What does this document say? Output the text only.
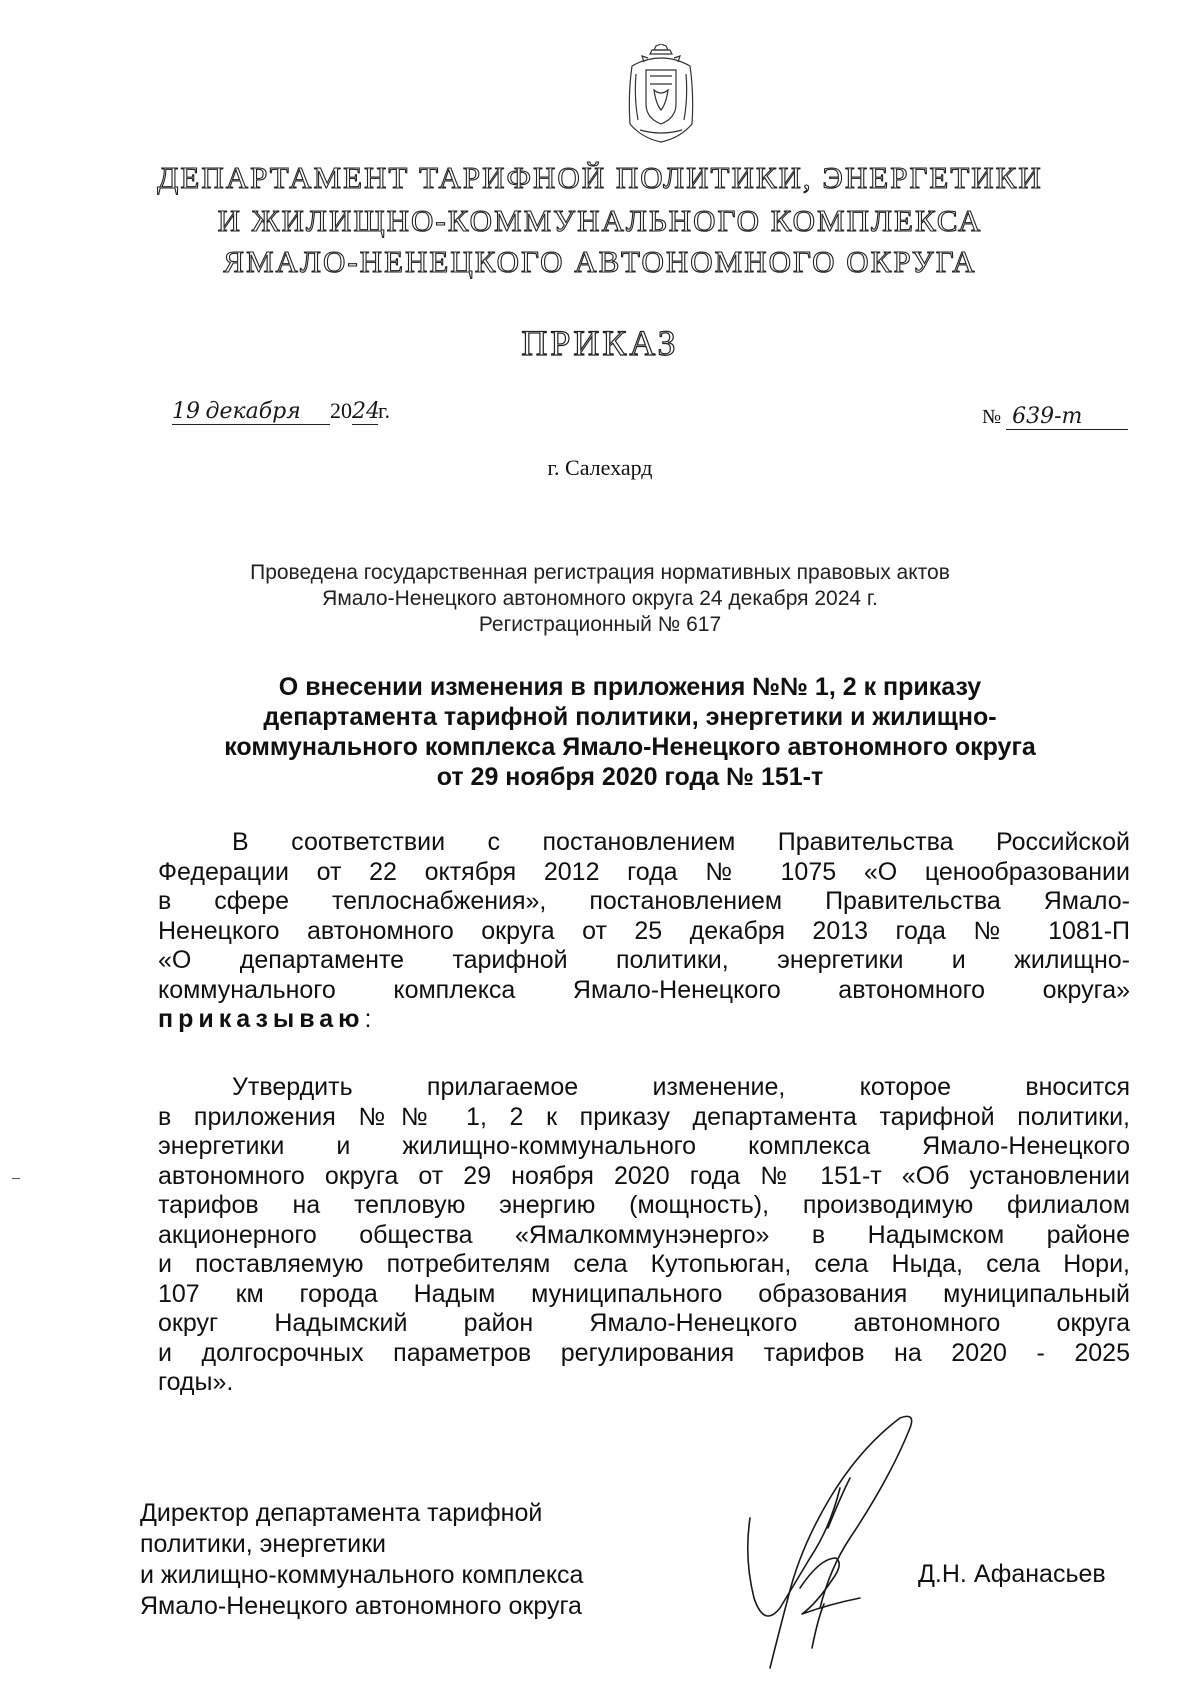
ДЕПАРТАМЕНТ ТАРИФНОЙ ПОЛИТИКИ, ЭНЕРГЕТИКИ
И ЖИЛИЩНО-КОММУНАЛЬНОГО КОМПЛЕКСА
ЯМАЛО-НЕНЕЦКОГО АВТОНОМНОГО ОКРУГА
ПРИКАЗ
19 декабря 2024г.	№ 639-т
г. Салехард
Проведена государственная регистрация нормативных правовых актов
Ямало-Ненецкого автономного округа 24 декабря 2024 г.
Регистрационный № 617
О внесении изменения в приложения №№ 1, 2 к приказу
департамента тарифной политики, энергетики и жилищно-
коммунального комплекса Ямало-Ненецкого автономного округа
от 29 ноября 2020 года № 151-т
В соответствии с постановлением Правительства Российской
Федерации от 22 октября 2012 года № 1075 «О ценообразовании
в сфере теплоснабжения», постановлением Правительства Ямало-
Ненецкого автономного округа от 25 декабря 2013 года № 1081-П
«О департаменте тарифной политики, энергетики и жилищно-
коммунального комплекса Ямало-Ненецкого автономного округа»
приказываю:
Утвердить прилагаемое изменение, которое вносится
в приложения №№ 1, 2 к приказу департамента тарифной политики,
энергетики и жилищно-коммунального комплекса Ямало-Ненецкого
автономного округа от 29 ноября 2020 года № 151-т «Об установлении
тарифов на тепловую энергию (мощность), производимую филиалом
акционерного общества «Ямалкоммунэнерго» в Надымском районе
и поставляемую потребителям села Кутопьюган, села Ныда, села Нори,
107 км города Надым муниципального образования муниципальный
округ Надымский район Ямало-Ненецкого автономного округа
и долгосрочных параметров регулирования тарифов на 2020 - 2025
годы».
Директор департамента тарифной
политики, энергетики
и жилищно-коммунального комплекса
Ямало-Ненецкого автономного округа
Д.Н. Афанасьев
